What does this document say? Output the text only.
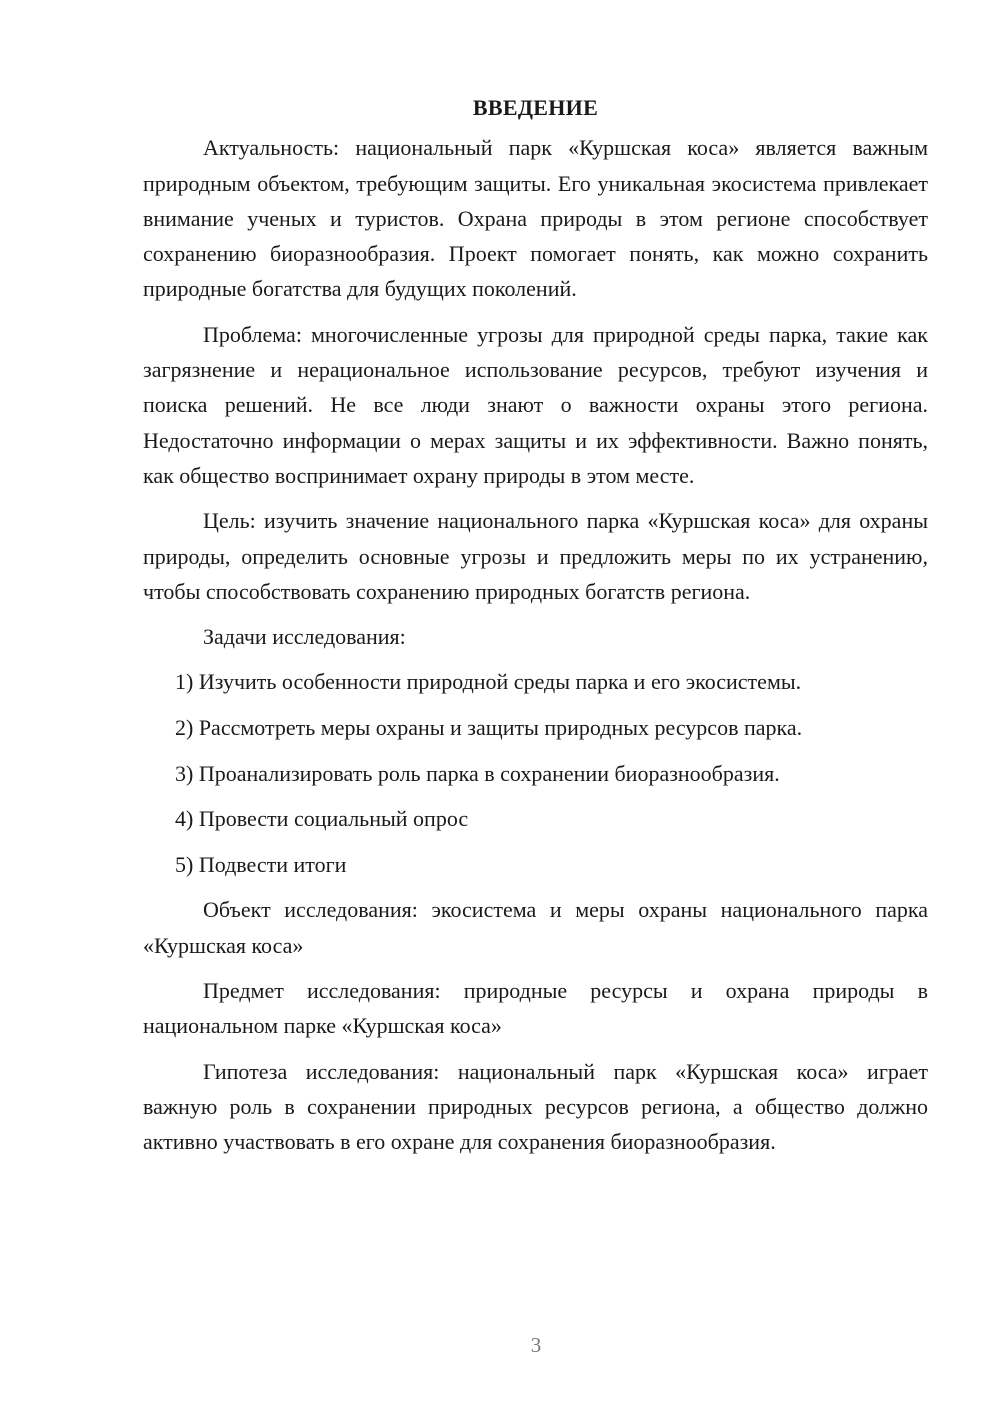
ВВЕДЕНИЕ

Актуальность: национальный парк «Куршская коса» является важным природным объектом, требующим защиты. Его уникальная экосистема привлекает внимание ученых и туристов. Охрана природы в этом регионе способствует сохранению биоразнообразия. Проект помогает понять, как можно сохранить природные богатства для будущих поколений.

Проблема: многочисленные угрозы для природной среды парка, такие как загрязнение и нерациональное использование ресурсов, требуют изучения и поиска решений. Не все люди знают о важности охраны этого региона. Недостаточно информации о мерах защиты и их эффективности. Важно понять, как общество воспринимает охрану природы в этом месте.

Цель: изучить значение национального парка «Куршская коса» для охраны природы, определить основные угрозы и предложить меры по их устранению, чтобы способствовать сохранению природных богатств региона.

Задачи исследования:

1) Изучить особенности природной среды парка и его экосистемы.
2) Рассмотреть меры охраны и защиты природных ресурсов парка.
3) Проанализировать роль парка в сохранении биоразнообразия.
4) Провести социальный опрос
5) Подвести итоги

Объект исследования: экосистема и меры охраны национального парка «Куршская коса»

Предмет исследования: природные ресурсы и охрана природы в национальном парке «Куршская коса»

Гипотеза исследования: национальный парк «Куршская коса» играет важную роль в сохранении природных ресурсов региона, а общество должно активно участвовать в его охране для сохранения биоразнообразия.

3
